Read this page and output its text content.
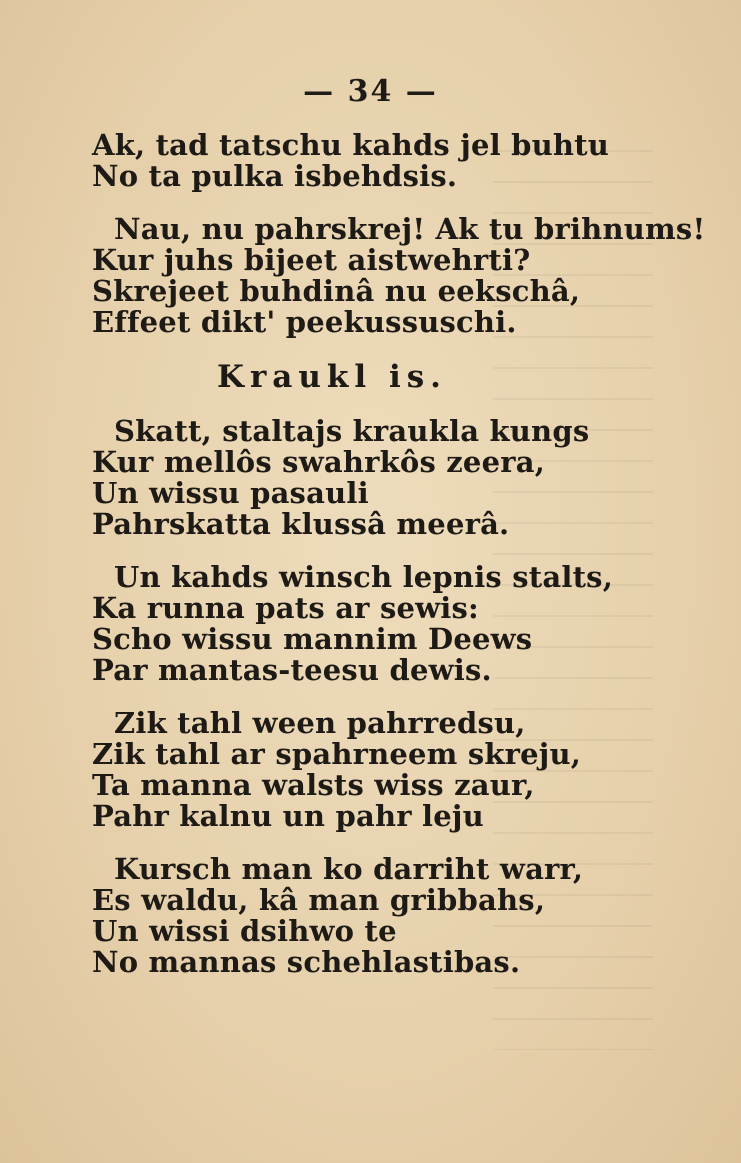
— 34 —
Ak, tad tatschu kahds jel buhtu
No ta pulka isbehdsis.
Nau, nu pahrskrej! Ak tu brihnums!
Kur juhs bijeet aistwehrti?
Skrejeet buhdinâ nu eekschâ,
Effeet dikt' peekussuschi.
Kraukl is.
Skatt, staltajs kraukla kungs
Kur mellôs swahrkôs zeera,
Un wissu pasauli
Pahrskatta klussâ meerâ.
Un kahds winsch lepnis stalts,
Ka runna pats ar sewis:
Scho wissu mannim Deews
Par mantas-teesu dewis.
Zik tahl ween pahrredsu,
Zik tahl ar spahrneem skreju,
Ta manna walsts wiss zaur,
Pahr kalnu un pahr leju
Kursch man ko darriht warr,
Es waldu, kâ man gribbahs,
Un wissi dsihwo te
No mannas schehlastibas.
